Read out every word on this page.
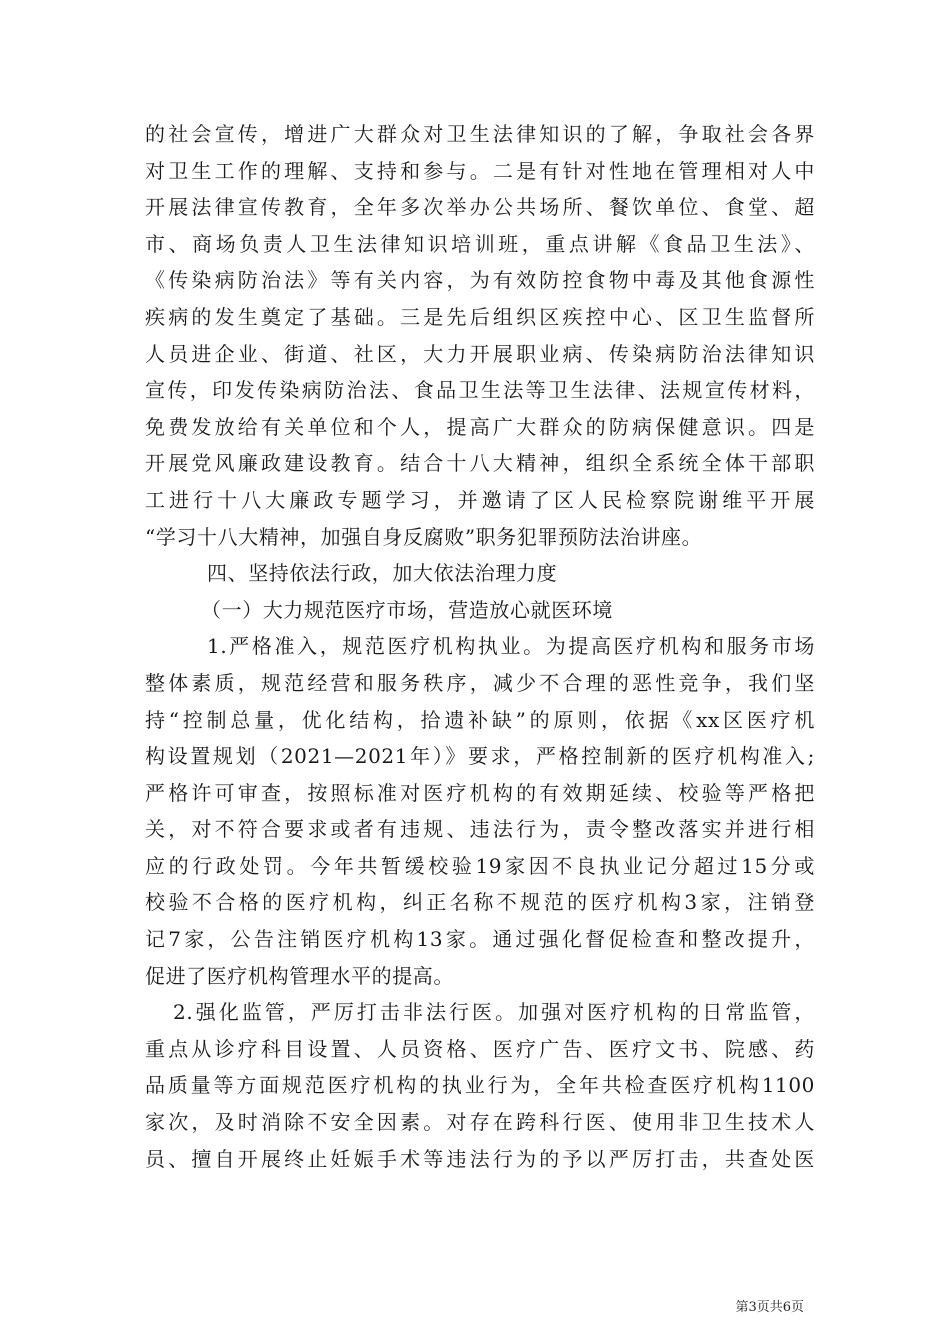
的社会宣传，增进广大群众对卫生法律知识的了解，争取社会各界
对卫生工作的理解、支持和参与。二是有针对性地在管理相对人中
开展法律宣传教育，全年多次举办公共场所、餐饮单位、食堂、超
市、商场负责人卫生法律知识培训班，重点讲解《食品卫生法》、
《传染病防治法》等有关内容，为有效防控食物中毒及其他食源性
疾病的发生奠定了基础。三是先后组织区疾控中心、区卫生监督所
人员进企业、街道、社区，大力开展职业病、传染病防治法律知识
宣传，印发传染病防治法、食品卫生法等卫生法律、法规宣传材料，
免费发放给有关单位和个人，提高广大群众的防病保健意识。四是
开展党风廉政建设教育。结合十八大精神，组织全系统全体干部职
工进行十八大廉政专题学习，并邀请了区人民检察院谢维平开展
“学习十八大精神，加强自身反腐败”职务犯罪预防法治讲座。
四、坚持依法行政，加大依法治理力度
（一）大力规范医疗市场，营造放心就医环境
1.严格准入，规范医疗机构执业。为提高医疗机构和服务市场
整体素质，规范经营和服务秩序，减少不合理的恶性竞争，我们坚
持“控制总量，优化结构，拾遗补缺”的原则，依据《xx区医疗机
构设置规划（2021—2021年）》要求，严格控制新的医疗机构准入;
严格许可审查，按照标准对医疗机构的有效期延续、校验等严格把
关，对不符合要求或者有违规、违法行为，责令整改落实并进行相
应的行政处罚。今年共暂缓校验19家因不良执业记分超过15分或
校验不合格的医疗机构，纠正名称不规范的医疗机构3家，注销登
记7家，公告注销医疗机构13家。通过强化督促检查和整改提升，
促进了医疗机构管理水平的提高。
2.强化监管，严厉打击非法行医。加强对医疗机构的日常监管，
重点从诊疗科目设置、人员资格、医疗广告、医疗文书、院感、药
品质量等方面规范医疗机构的执业行为，全年共检查医疗机构1100
家次，及时消除不安全因素。对存在跨科行医、使用非卫生技术人
员、擅自开展终止妊娠手术等违法行为的予以严厉打击，共查处医
第3页共6页
